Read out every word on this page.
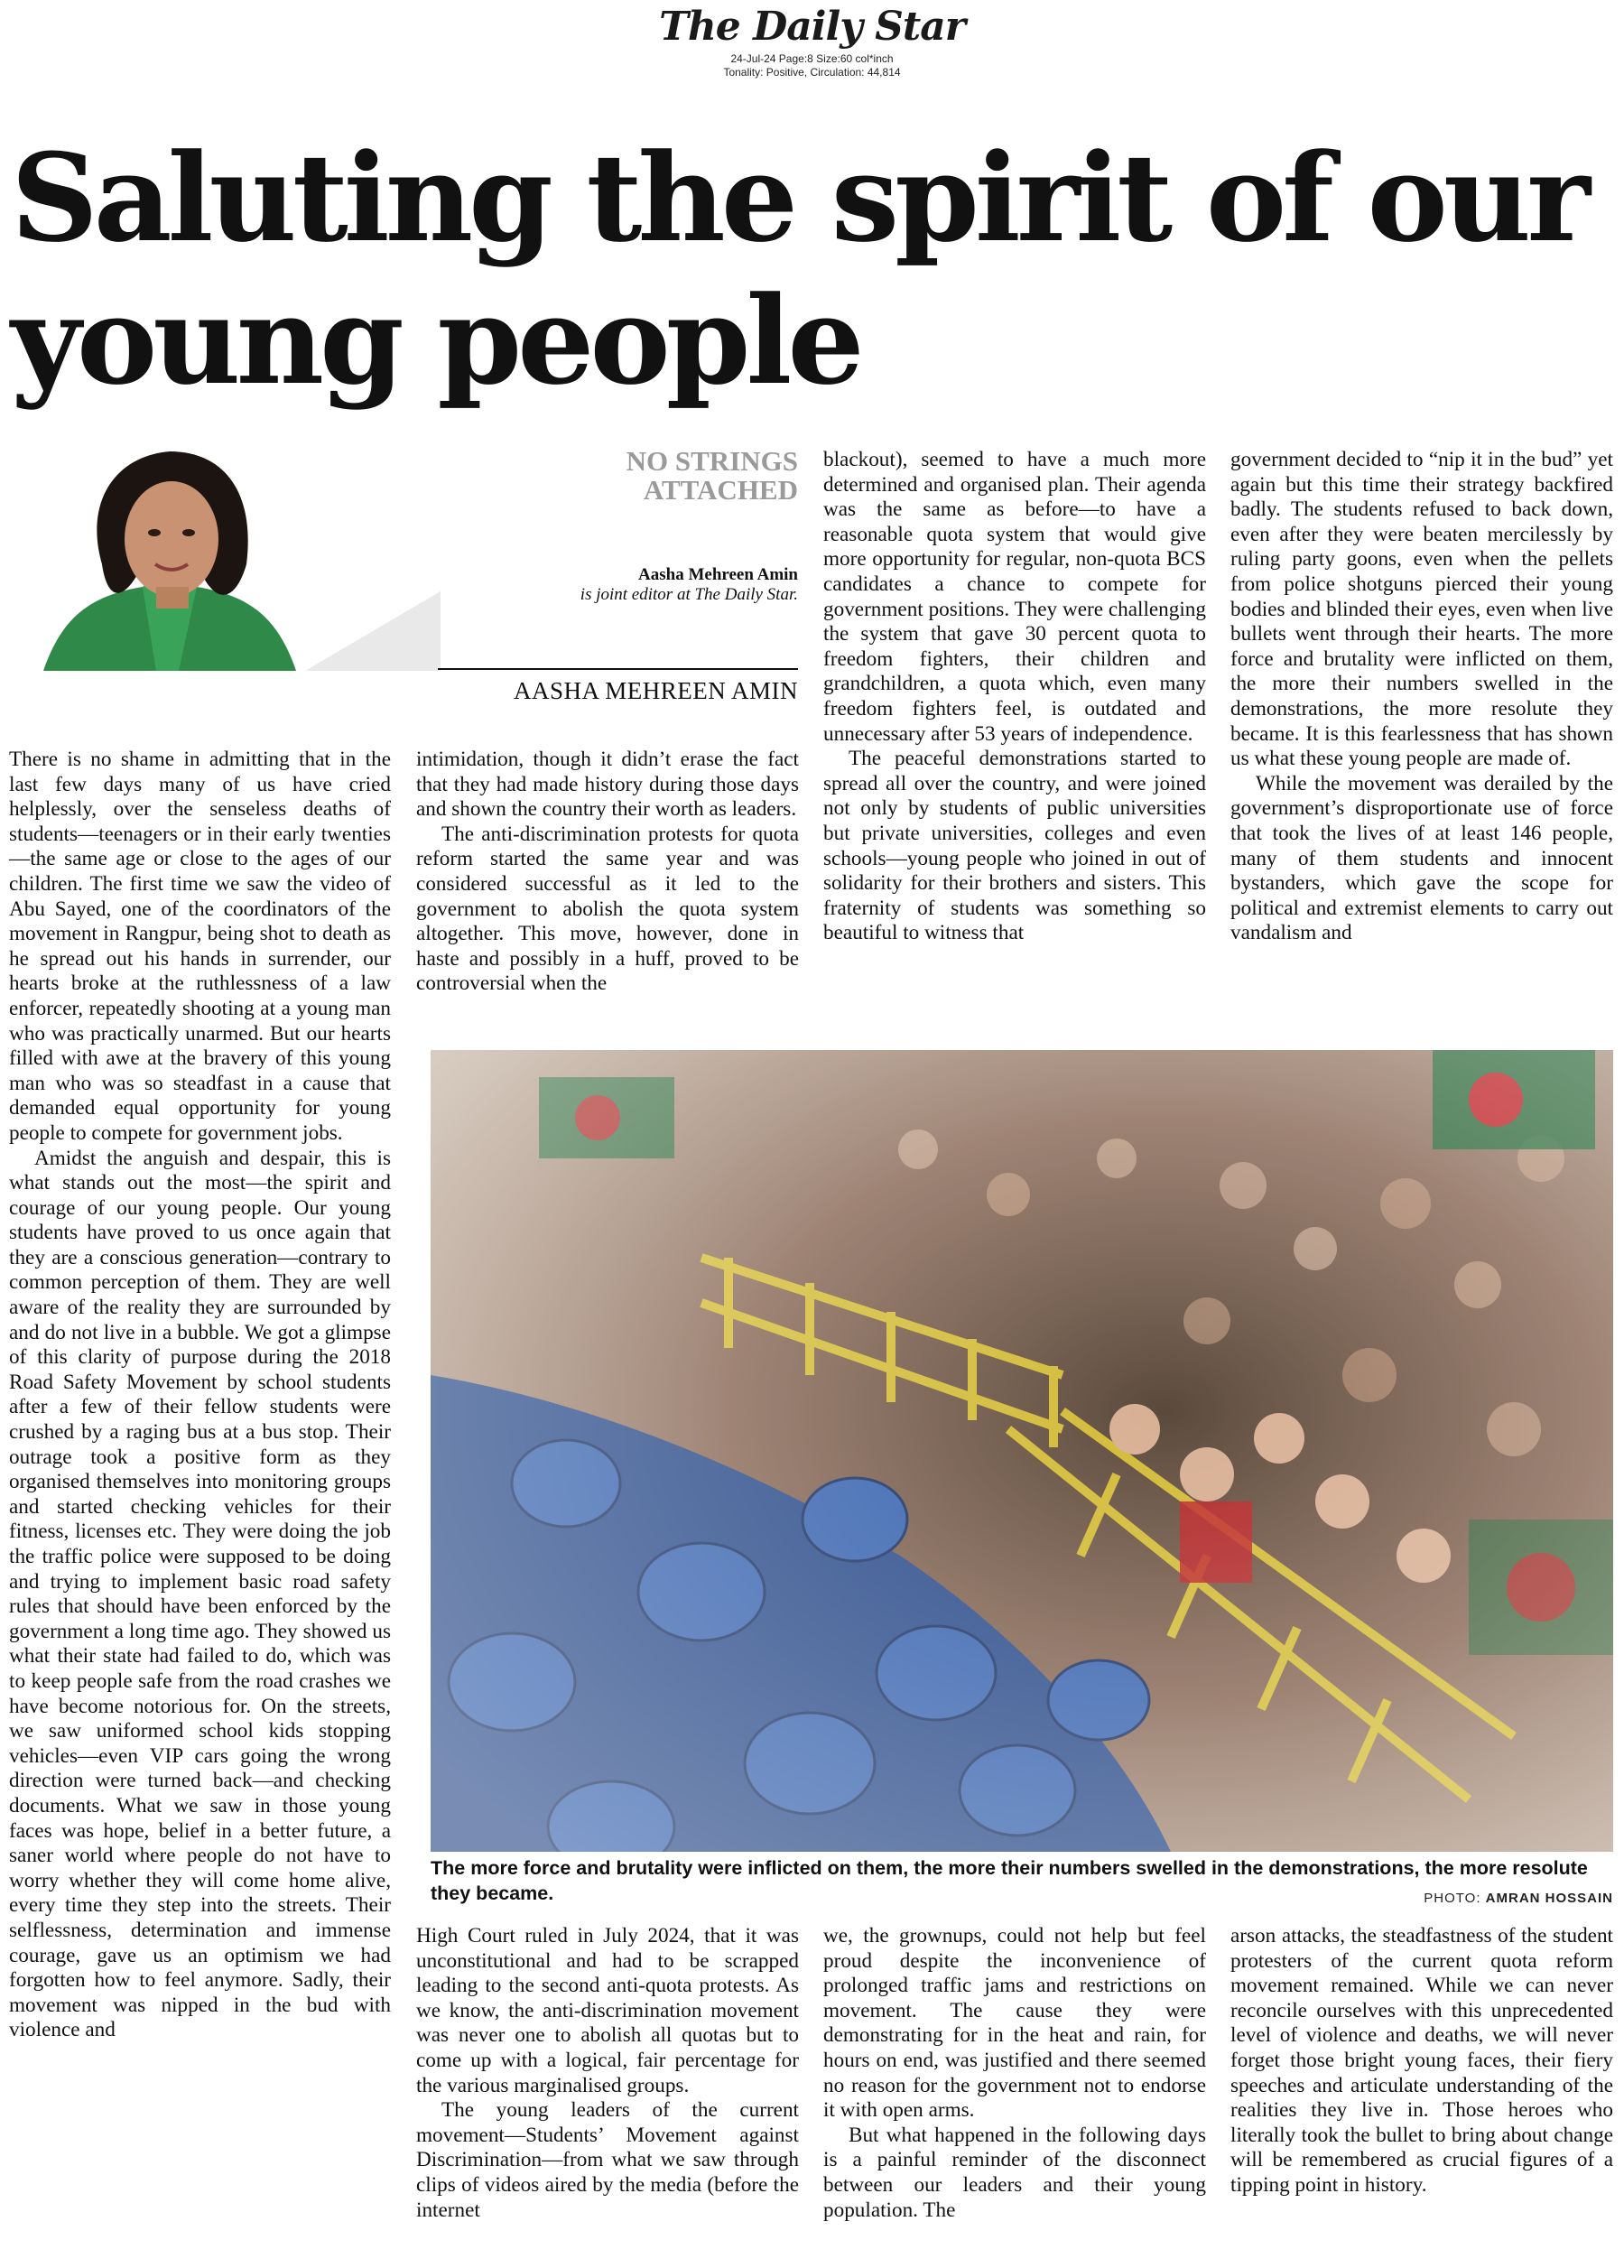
The Daily Star
24-Jul-24 Page:8 Size:60 col*inch
Tonality: Positive, Circulation: 44,814
Saluting the spirit of our young people
NO STRINGS ATTACHED
Aasha Mehreen Amin
is joint editor at The Daily Star.
AASHA MEHREEN AMIN

There is no shame in admitting that in the last few days many of us have cried helplessly, over the senseless deaths of students—teenagers or in their early twenties—the same age or close to the ages of our children. The first time we saw the video of Abu Sayed, one of the coordinators of the movement in Rangpur, being shot to death as he spread out his hands in surrender, our hearts broke at the ruthlessness of a law enforcer, repeatedly shooting at a young man who was practically unarmed. But our hearts filled with awe at the bravery of this young man who was so steadfast in a cause that demanded equal opportunity for young people to compete for government jobs.

Amidst the anguish and despair, this is what stands out the most—the spirit and courage of our young people. Our young students have proved to us once again that they are a conscious generation—contrary to common perception of them. They are well aware of the reality they are surrounded by and do not live in a bubble. We got a glimpse of this clarity of purpose during the 2018 Road Safety Movement by school students after a few of their fellow students were crushed by a raging bus at a bus stop. Their outrage took a positive form as they organised themselves into monitoring groups and started checking vehicles for their fitness, licenses etc. They were doing the job the traffic police were supposed to be doing and trying to implement basic road safety rules that should have been enforced by the government a long time ago. They showed us what their state had failed to do, which was to keep people safe from the road crashes we have become notorious for. On the streets, we saw uniformed school kids stopping vehicles—even VIP cars going the wrong direction were turned back—and checking documents. What we saw in those young faces was hope, belief in a better future, a saner world where people do not have to worry whether they will come home alive, every time they step into the streets. Their selflessness, determination and immense courage, gave us an optimism we had forgotten how to feel anymore. Sadly, their movement was nipped in the bud with violence and

intimidation, though it didn’t erase the fact that they had made history during those days and shown the country their worth as leaders.

The anti-discrimination protests for quota reform started the same year and was considered successful as it led to the government to abolish the quota system altogether. This move, however, done in haste and possibly in a huff, proved to be controversial when the

High Court ruled in July 2024, that it was unconstitutional and had to be scrapped leading to the second anti-quota protests. As we know, the anti-discrimination movement was never one to abolish all quotas but to come up with a logical, fair percentage for the various marginalised groups.

The young leaders of the current movement—Students’ Movement against Discrimination—from what we saw through clips of videos aired by the media (before the internet

blackout), seemed to have a much more determined and organised plan. Their agenda was the same as before—to have a reasonable quota system that would give more opportunity for regular, non-quota BCS candidates a chance to compete for government positions. They were challenging the system that gave 30 percent quota to freedom fighters, their children and grandchildren, a quota which, even many freedom fighters feel, is outdated and unnecessary after 53 years of independence.

The peaceful demonstrations started to spread all over the country, and were joined not only by students of public universities but private universities, colleges and even schools—young people who joined in out of solidarity for their brothers and sisters. This fraternity of students was something so beautiful to witness that

we, the grownups, could not help but feel proud despite the inconvenience of prolonged traffic jams and restrictions on movement. The cause they were demonstrating for in the heat and rain, for hours on end, was justified and there seemed no reason for the government not to endorse it with open arms.

But what happened in the following days is a painful reminder of the disconnect between our leaders and their young population. The

government decided to “nip it in the bud” yet again but this time their strategy backfired badly. The students refused to back down, even after they were beaten mercilessly by ruling party goons, even when the pellets from police shotguns pierced their young bodies and blinded their eyes, even when live bullets went through their hearts. The more force and brutality were inflicted on them, the more their numbers swelled in the demonstrations, the more resolute they became. It is this fearlessness that has shown us what these young people are made of.

While the movement was derailed by the government’s disproportionate use of force that took the lives of at least 146 people, many of them students and innocent bystanders, which gave the scope for political and extremist elements to carry out vandalism and

arson attacks, the steadfastness of the student protesters of the current quota reform movement remained. While we can never reconcile ourselves with this unprecedented level of violence and deaths, we will never forget those bright young faces, their fiery speeches and articulate understanding of the realities they live in. Those heroes who literally took the bullet to bring about change will be remembered as crucial figures of a tipping point in history.

The more force and brutality were inflicted on them, the more their numbers swelled in the demonstrations, the more resolute they became.	PHOTO: AMRAN HOSSAIN
